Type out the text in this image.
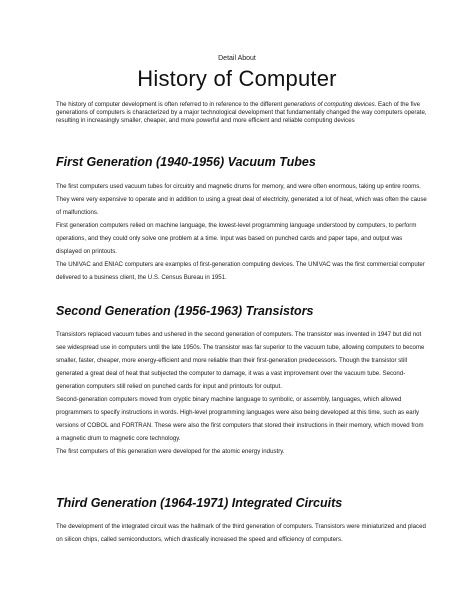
Detail About
History of Computer
The history of computer development is often referred to in reference to the different generations of computing devices. Each of the five generations of computers is characterized by a major technological development that fundamentally changed the way computers operate, resulting in increasingly smaller, cheaper, and more powerful and more efficient and reliable computing devices
First Generation (1940-1956) Vacuum Tubes

The first computers used vacuum tubes for circuitry and magnetic drums for memory, and were often enormous, taking up entire rooms. They were very expensive to operate and in addition to using a great deal of electricity, generated a lot of heat, which was often the cause of malfunctions.

First generation computers relied on machine language, the lowest-level programming language understood by computers, to perform operations, and they could only solve one problem at a time. Input was based on punched cards and paper tape, and output was displayed on printouts.

The UNIVAC and ENIAC computers are examples of first-generation computing devices. The UNIVAC was the first commercial computer delivered to a business client, the U.S. Census Bureau in 1951.

Second Generation (1956-1963) Transistors

Transistors replaced vacuum tubes and ushered in the second generation of computers. The transistor was invented in 1947 but did not see widespread use in computers until the late 1950s. The transistor was far superior to the vacuum tube, allowing computers to become smaller, faster, cheaper, more energy-efficient and more reliable than their first-generation predecessors. Though the transistor still generated a great deal of heat that subjected the computer to damage, it was a vast improvement over the vacuum tube. Second-generation computers still relied on punched cards for input and printouts for output.

Second-generation computers moved from cryptic binary machine language to symbolic, or assembly, languages, which allowed programmers to specify instructions in words. High-level programming languages were also being developed at this time, such as early versions of COBOL and FORTRAN. These were also the first computers that stored their instructions in their memory, which moved from a magnetic drum to magnetic core technology.

The first computers of this generation were developed for the atomic energy industry.

Third Generation (1964-1971) Integrated Circuits

The development of the integrated circuit was the hallmark of the third generation of computers. Transistors were miniaturized and placed on silicon chips, called semiconductors, which drastically increased the speed and efficiency of computers.
